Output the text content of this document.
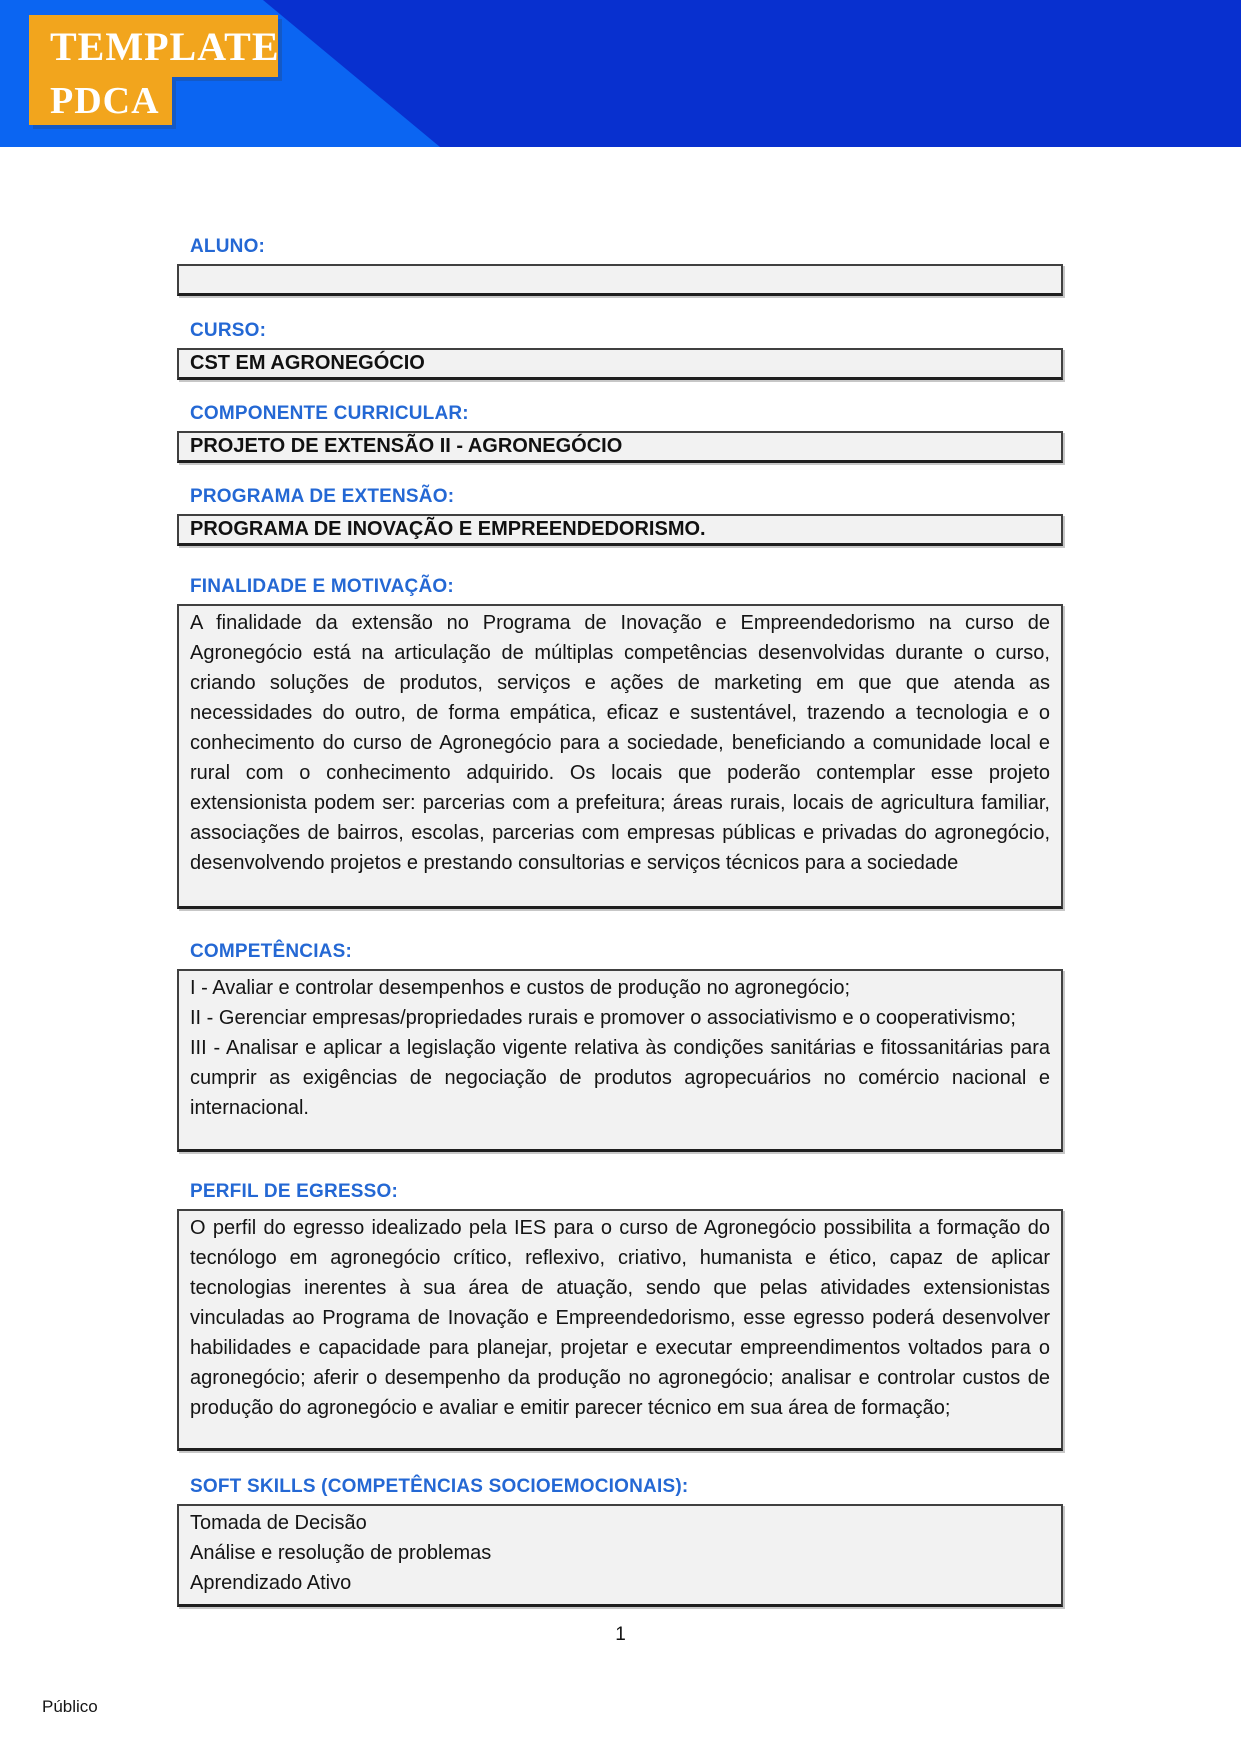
TEMPLATE
PDCA
ALUNO:
CURSO:
CST EM AGRONEGÓCIO
COMPONENTE CURRICULAR:
PROJETO DE EXTENSÃO II - AGRONEGÓCIO
PROGRAMA DE EXTENSÃO:
PROGRAMA DE INOVAÇÃO E EMPREENDEDORISMO.
FINALIDADE E MOTIVAÇÃO:

A finalidade da extensão no Programa de Inovação e Empreendedorismo na curso de Agronegócio está na articulação de múltiplas competências desenvolvidas durante o curso, criando soluções de produtos, serviços e ações de marketing em que que atenda as necessidades do outro, de forma empática, eficaz e sustentável, trazendo a tecnologia e o conhecimento do curso de Agronegócio para a sociedade, beneficiando a comunidade local e rural com o conhecimento adquirido. Os locais que poderão contemplar esse projeto extensionista podem ser: parcerias com a prefeitura; áreas rurais, locais de agricultura familiar, associações de bairros, escolas, parcerias com empresas públicas e privadas do agronegócio, desenvolvendo projetos e prestando consultorias e serviços técnicos para a sociedade

COMPETÊNCIAS:

I - Avaliar e controlar desempenhos e custos de produção no agronegócio;

II - Gerenciar empresas/propriedades rurais e promover o associativismo e o cooperativismo;

III - Analisar e aplicar a legislação vigente relativa às condições sanitárias e fitossanitárias para cumprir as exigências de negociação de produtos agropecuários no comércio nacional e internacional.

PERFIL DE EGRESSO:

O perfil do egresso idealizado pela IES para o curso de Agronegócio possibilita a formação do tecnólogo em agronegócio crítico, reflexivo, criativo, humanista e ético, capaz de aplicar tecnologias inerentes à sua área de atuação, sendo que pelas atividades extensionistas vinculadas ao Programa de Inovação e Empreendedorismo, esse egresso poderá desenvolver habilidades e capacidade para planejar, projetar e executar empreendimentos voltados para o agronegócio; aferir o desempenho da produção no agronegócio; analisar e controlar custos de produção do agronegócio e avaliar e emitir parecer técnico em sua área de formação;

SOFT SKILLS (COMPETÊNCIAS SOCIOEMOCIONAIS):

Tomada de Decisão

Análise e resolução de problemas

Aprendizado Ativo

1
Público
